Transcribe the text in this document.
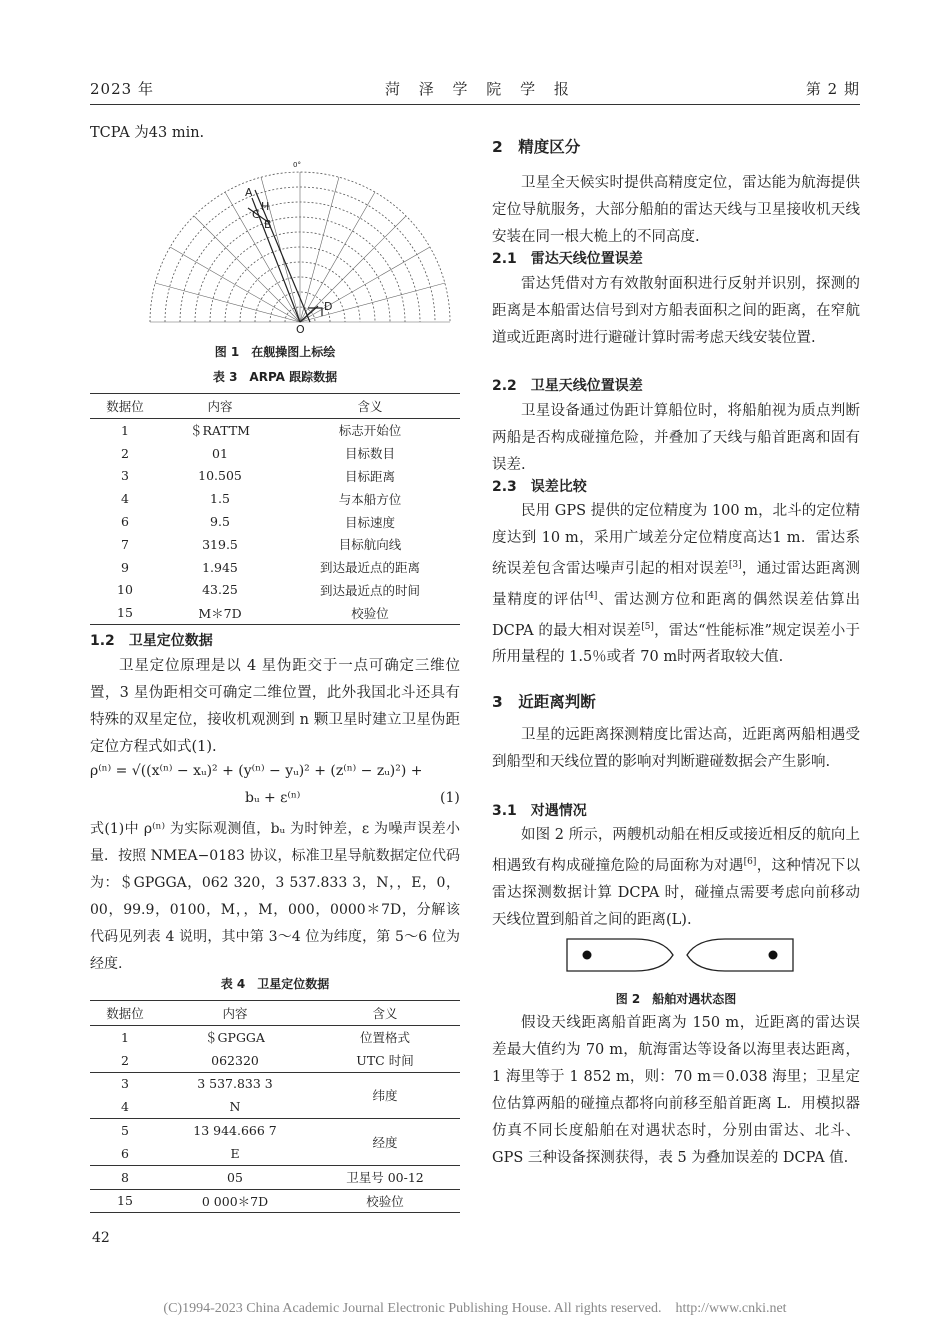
2023 年	菏 泽 学 院 学 报	第 2 期
TCPA 为43 min.
A
H
C
B
D
O
0°
图 1　在舰操图上标绘
表 3　ARPA 跟踪数据
数据位	内容	含义
1	＄RATTM	标志开始位
2	01	目标数目
3	10.505	目标距离
4	1.5	与本船方位
6	9.5	目标速度
7	319.5	目标航向线
9	1.945	到达最近点的距离
10	43.25	到达最近点的时间
15	M＊7D	校验位
1.2　卫星定位数据
卫星定位原理是以 4 星伪距交于一点可确定三维位置，3 星伪距相交可确定二维位置，此外我国北斗还具有特殊的双星定位，接收机观测到 n 颗卫星时建立卫星伪距定位方程式如式(1).
ρ⁽ⁿ⁾ = √((x⁽ⁿ⁾ − xᵤ)² + (y⁽ⁿ⁾ − yᵤ)² + (z⁽ⁿ⁾ − zᵤ)²) +
bᵤ + ε⁽ⁿ⁾	(1)
式(1)中 ρ⁽ⁿ⁾ 为实际观测值，bᵤ 为时钟差，ε 为噪声误差小量．按照 NMEA−0183 协议，标准卫星导航数据定位代码为：＄GPGGA，062 320，3 537.833 3，N，，E，0，00，99.9，0100，M，，M，000，0000＊7D，分解该代码见列表 4 说明，其中第 3～4 位为纬度，第 5～6 位为经度.
表 4　卫星定位数据
数据位	内容	含义
1	＄GPGGA	位置格式
2	062320	UTC 时间
3	3 537.833 3	纬度
4	N	
5	13 944.666 7	经度
6	E	
8	05	卫星号 00-12
15	0 000＊7D	校验位
42
2　精度区分
卫星全天候实时提供高精度定位，雷达能为航海提供定位导航服务，大部分船舶的雷达天线与卫星接收机天线安装在同一根大桅上的不同高度.
2.1　雷达天线位置误差
雷达凭借对方有效散射面积进行反射并识别，探测的距离是本船雷达信号到对方船表面积之间的距离，在窄航道或近距离时进行避碰计算时需考虑天线安装位置.
2.2　卫星天线位置误差
卫星设备通过伪距计算船位时，将船舶视为质点判断两船是否构成碰撞危险，并叠加了天线与船首距离和固有误差.
2.3　误差比较
民用 GPS 提供的定位精度为 100 m，北斗的定位精度达到 10 m，采用广域差分定位精度高达1 m．雷达系统误差包含雷达噪声引起的相对误差[3]，通过雷达距离测量精度的评估[4]、雷达测方位和距离的偶然误差估算出 DCPA 的最大相对误差[5]，雷达“性能标准”规定误差小于所用量程的 1.5％或者 70 m时两者取较大值.
3　近距离判断
卫星的远距离探测精度比雷达高，近距离两船相遇受到船型和天线位置的影响对判断避碰数据会产生影响.
3.1　对遇情况
如图 2 所示，两艘机动船在相反或接近相反的航向上相遇致有构成碰撞危险的局面称为对遇[6]，这种情况下以雷达探测数据计算 DCPA 时，碰撞点需要考虑向前移动天线位置到船首之间的距离(L).
图 2　船舶对遇状态图
假设天线距离船首距离为 150 m，近距离的雷达误差最大值约为 70 m，航海雷达等设备以海里表达距离，1 海里等于 1 852 m，则：70 m＝0.038 海里；卫星定位估算两船的碰撞点都将向前移至船首距离 L．用模拟器仿真不同长度船舶在对遇状态时，分别由雷达、北斗、GPS 三种设备探测获得，表 5 为叠加误差的 DCPA 值.
(C)1994-2023 China Academic Journal Electronic Publishing House. All rights reserved.　http://www.cnki.net
